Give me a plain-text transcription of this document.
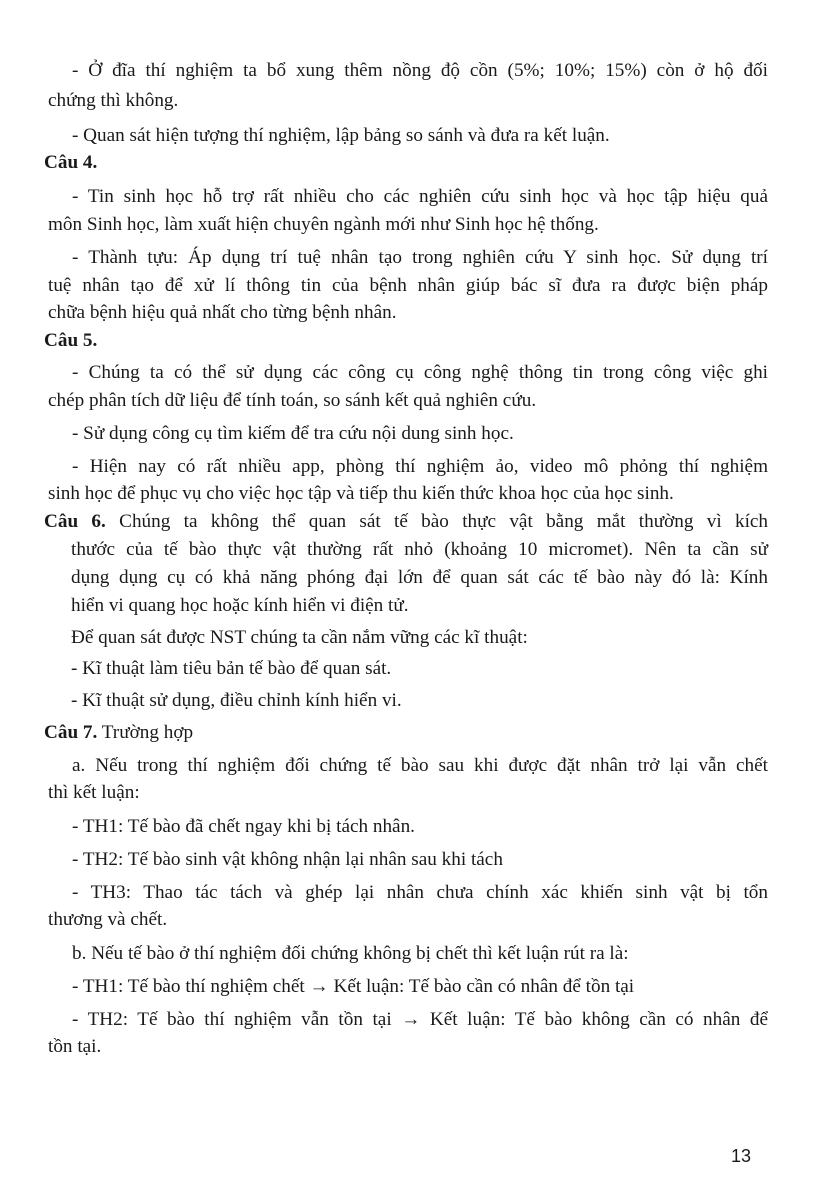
- Ở đĩa thí nghiệm ta bổ xung thêm nồng độ cồn (5%; 10%; 15%) còn ở hộ đối
chứng thì không.
- Quan sát hiện tượng thí nghiệm, lập bảng so sánh và đưa ra kết luận.
Câu 4.
- Tin sinh học hỗ trợ rất nhiều cho các nghiên cứu sinh học và học tập hiệu quả
môn Sinh học, làm xuất hiện chuyên ngành mới như Sinh học hệ thống.
- Thành tựu: Áp dụng trí tuệ nhân tạo trong nghiên cứu Y sinh học. Sử dụng trí
tuệ nhân tạo để xử lí thông tin của bệnh nhân giúp bác sĩ đưa ra được biện pháp
chữa bệnh hiệu quả nhất cho từng bệnh nhân.
Câu 5.
- Chúng ta có thể sử dụng các công cụ công nghệ thông tin trong công việc ghi
chép phân tích dữ liệu để tính toán, so sánh kết quả nghiên cứu.
- Sử dụng công cụ tìm kiếm để tra cứu nội dung sinh học.
- Hiện nay có rất nhiều app, phòng thí nghiệm ảo, video mô phỏng thí nghiệm
sinh học để phục vụ cho việc học tập và tiếp thu kiến thức khoa học của học sinh.
Câu 6. Chúng ta không thể quan sát tế bào thực vật bằng mắt thường vì kích
thước của tế bào thực vật thường rất nhỏ (khoảng 10 micromet). Nên ta cần sử
dụng dụng cụ có khả năng phóng đại lớn để quan sát các tế bào này đó là: Kính
hiển vi quang học hoặc kính hiển vi điện tử.
Để quan sát được NST chúng ta cần nắm vững các kĩ thuật:
- Kĩ thuật làm tiêu bản tế bào để quan sát.
- Kĩ thuật sử dụng, điều chỉnh kính hiển vi.
Câu 7. Trường hợp
a. Nếu trong thí nghiệm đối chứng tế bào sau khi được đặt nhân trở lại vẫn chết
thì kết luận:
- TH1: Tế bào đã chết ngay khi bị tách nhân.
- TH2: Tế bào sinh vật không nhận lại nhân sau khi tách
- TH3: Thao tác tách và ghép lại nhân chưa chính xác khiến sinh vật bị tổn
thương và chết.
b. Nếu tế bào ở thí nghiệm đối chứng không bị chết thì kết luận rút ra là:
- TH1: Tế bào thí nghiệm chết → Kết luận: Tế bào cần có nhân để tồn tại
- TH2: Tế bào thí nghiệm vẫn tồn tại → Kết luận: Tế bào không cần có nhân để
tồn tại.
13
